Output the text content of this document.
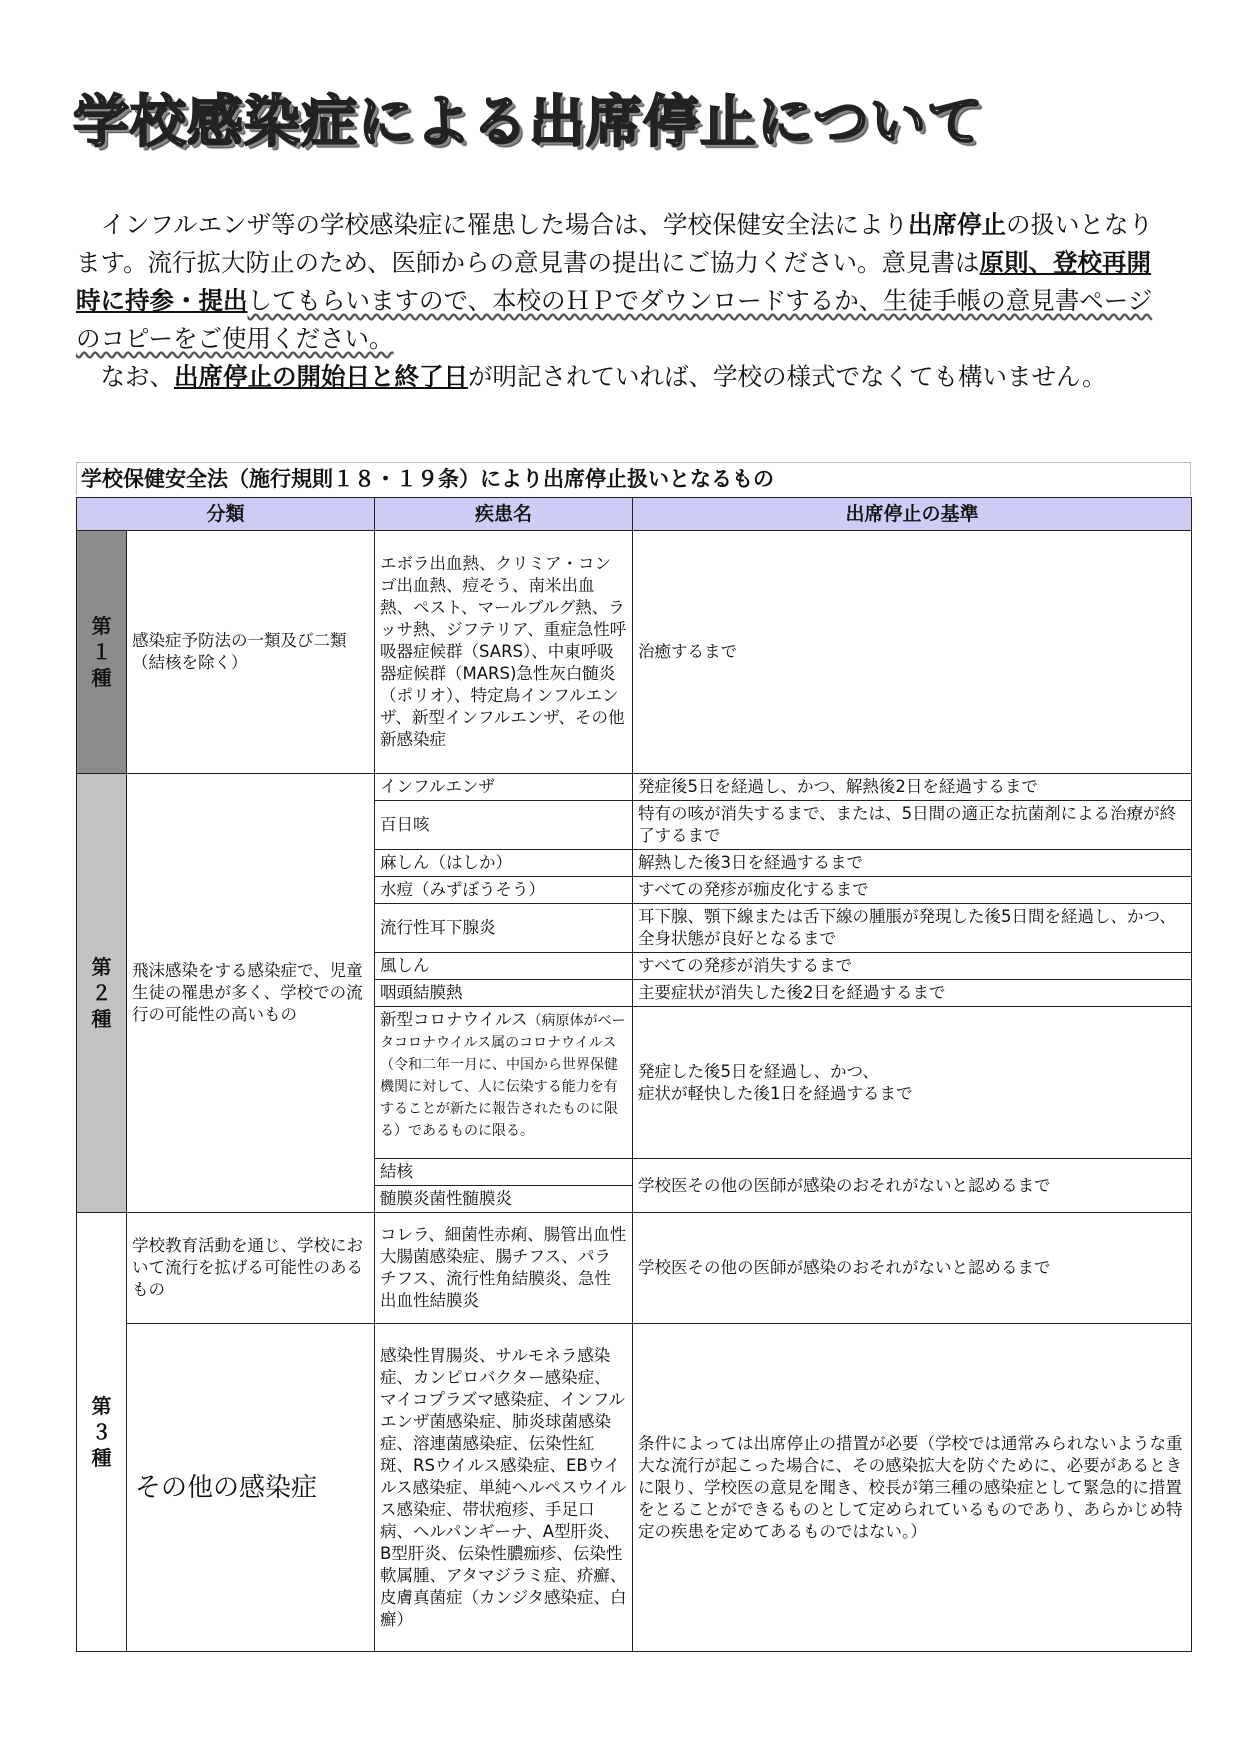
学校感染症による出席停止について

　インフルエンザ等の学校感染症に罹患した場合は、学校保健安全法により出席停止の扱いとなります。流行拡大防止のため、医師からの意見書の提出にご協力ください。意見書は原則、登校再開時に持参・提出してもらいますので、本校のＨＰでダウンロードするか、生徒手帳の意見書ページのコピーをご使用ください。

　なお、出席停止の開始日と終了日が明記されていれば、学校の様式でなくても構いません。

学校保健安全法（施行規則１８・１９条）により出席停止扱いとなるもの
分類		疾患名	出席停止の基準
第
１
種	感染症予防法の一類及び二類（結核を除く）	エボラ出血熱、クリミア・コンゴ出血熱、痘そう、南米出血熱、ペスト、マールブルグ熱、ラッサ熱、ジフテリア、重症急性呼吸器症候群（SARS）、中東呼吸器症候群（MARS)急性灰白髄炎（ポリオ）、特定鳥インフルエンザ、新型インフルエンザ、その他新感染症	治癒するまで
第
２
種	飛沫感染をする感染症で、児童生徒の罹患が多く、学校での流行の可能性の高いもの	インフルエンザ	発症後5日を経過し、かつ、解熱後2日を経過するまで
		百日咳	特有の咳が消失するまで、または、5日間の適正な抗菌剤による治療が終了するまで
		麻しん（はしか）	解熱した後3日を経過するまで
		水痘（みずぼうそう）	すべての発疹が痂皮化するまで
		流行性耳下腺炎	耳下腺、顎下線または舌下線の腫脹が発現した後5日間を経過し、かつ、全身状態が良好となるまで
		風しん	すべての発疹が消失するまで
		咽頭結膜熱	主要症状が消失した後2日を経過するまで
		新型コロナウイルス（病原体がベータコロナウイルス属のコロナウイルス（令和二年一月に、中国から世界保健機関に対して、人に伝染する能力を有することが新たに報告されたものに限る）であるものに限る。	発症した後5日を経過し、かつ、
症状が軽快した後1日を経過するまで

		結核	学校医その他の医師が感染のおそれがないと認めるまで
		髄膜炎菌性髄膜炎	

第
３
種	学校教育活動を通じ、学校において流行を拡げる可能性のあるもの	コレラ、細菌性赤痢、腸管出血性大腸菌感染症、腸チフス、パラチフス、流行性角結膜炎、急性出血性結膜炎	学校医その他の医師が感染のおそれがないと認めるまで
	その他の感染症	感染性胃腸炎、サルモネラ感染症、カンピロバクター感染症、マイコプラズマ感染症、インフルエンザ菌感染症、肺炎球菌感染症、溶連菌感染症、伝染性紅斑、RSウイルス感染症、EBウイルス感染症、単純ヘルペスウイルス感染症、帯状疱疹、手足口病、ヘルパンギーナ、A型肝炎、B型肝炎、伝染性膿痂疹、伝染性軟属腫、アタマジラミ症、疥癬、皮膚真菌症（カンジタ感染症、白癬）	条件によっては出席停止の措置が必要（学校では通常みられないような重大な流行が起こった場合に、その感染拡大を防ぐために、必要があるときに限り、学校医の意見を聞き、校長が第三種の感染症として緊急的に措置をとることができるものとして定められているものであり、あらかじめ特定の疾患を定めてあるものではない。）
